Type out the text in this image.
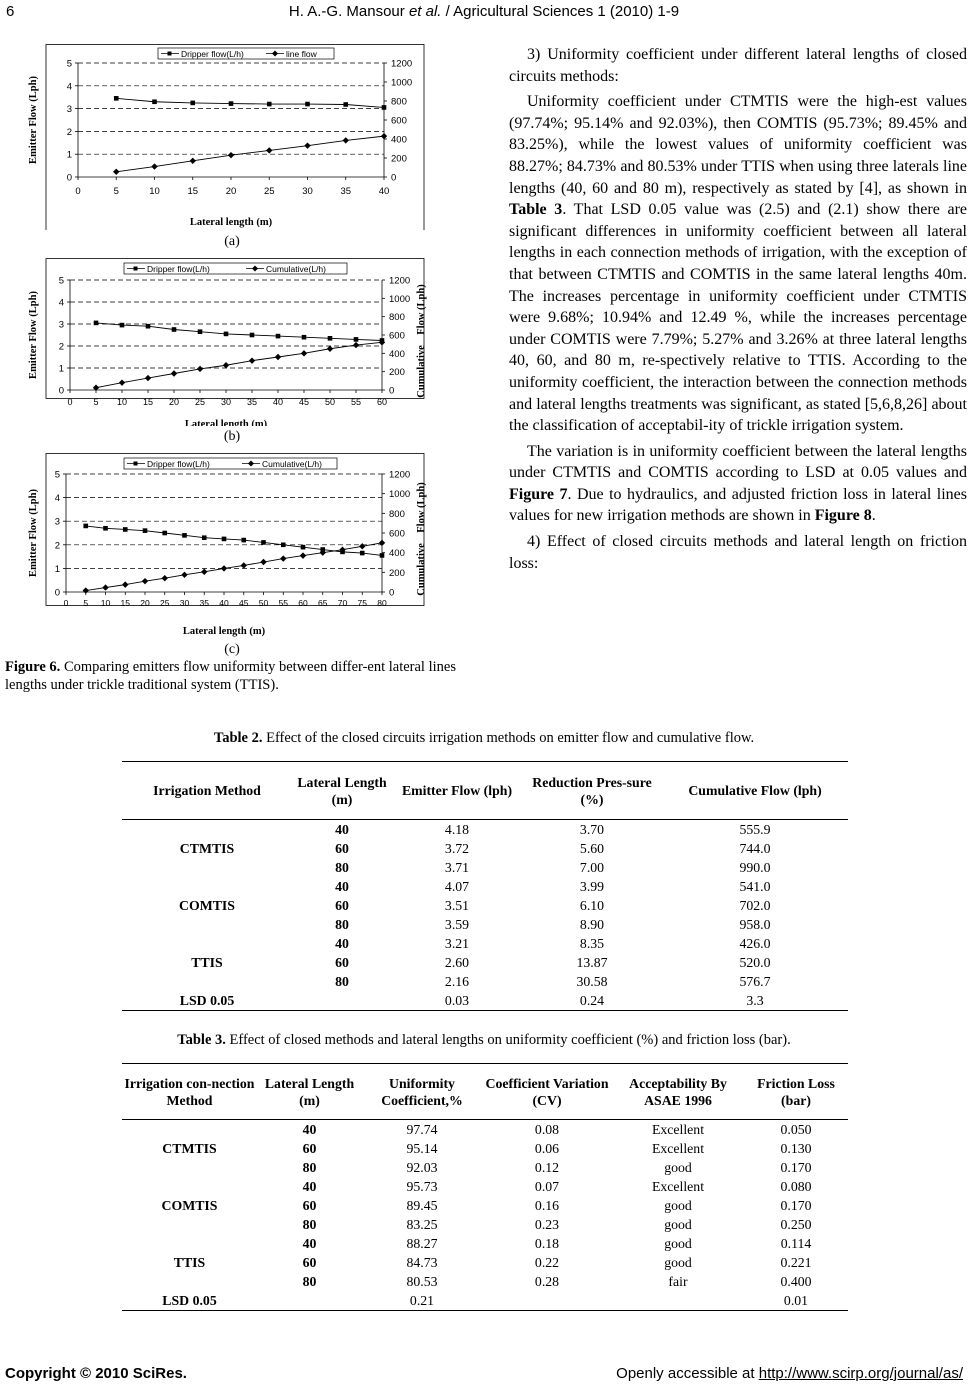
6	H. A.-G. Mansour et al. / Agricultural Sciences 1 (2010) 1-9
0
1
2
3
4
5
0
200
400
600
800
1000
1200
0	5	10	15	20	25	30	35	40
Lateral length (m)
Emitter Flow (Lph)
Dripper flow(L/h)	line flow
(a)
0
1
2
3
4
5
0
200
400
600
800
1000
1200
0 5 10 15 20 25 30 35 40 45 50 55 60
Lateral length (m)
Emitter Flow (Lph)	Cumulative    Flow (Lph)
Dripper flow(L/h)	Cumulative(L/h)
(b)
0
1
2
3
4
5
0
200
400
600
800
1000
1200
0 5 10 15 20 25 30 35 40 45 50 55 60 65 70 75 80
Lateral length (m)
Emitter Flow (Lph)	Cumulative    Flow (Lph)
Dripper flow(L/h)	Cumulative(L/h)
(c)
Figure 6. Comparing emitters flow uniformity between differ-ent lateral lines lengths under trickle traditional system (TTIS).

3) Uniformity coefficient under different lateral lengths of closed circuits methods:

Uniformity coefficient under CTMTIS were the high-est values (97.74%; 95.14% and 92.03%), then COMTIS (95.73%; 89.45% and 83.25%), while the lowest values of uniformity coefficient was 88.27%; 84.73% and 80.53% under TTIS when using three laterals line lengths (40, 60 and 80 m), respectively as stated by [4], as shown in Table 3. That LSD 0.05 value was (2.5) and (2.1) show there are significant differences in uniformity coefficient between all lateral lengths in each connection methods of irrigation, with the exception of that between CTMTIS and COMTIS in the same lateral lengths 40m. The increases percentage in uniformity coefficient under CTMTIS were 9.68%; 10.94% and 12.49 %, while the increases percentage under COMTIS were 7.79%; 5.27% and 3.26% at three lateral lengths 40, 60, and 80 m, re-spectively relative to TTIS. According to the uniformity coefficient, the interaction between the connection methods and lateral lengths treatments was significant, as stated [5,6,8,26] about the classification of acceptabil-ity of trickle irrigation system.

The variation is in uniformity coefficient between the lateral lengths under CTMTIS and COMTIS according to LSD at 0.05 values and Figure 7. Due to hydraulics, and adjusted friction loss in lateral lines values for new irrigation methods are shown in Figure 8.

4) Effect of closed circuits methods and lateral length on friction loss:

Table 2. Effect of the closed circuits irrigation methods on emitter flow and cumulative flow.
Irrigation Method	Lateral Length (m)	Emitter Flow (lph)	Reduction Pres-sure (%)	Cumulative Flow (lph)
CTMTIS	40	4.18	3.70	555.9
	60	3.72	5.60	744.0
	80	3.71	7.00	990.0
COMTIS	40	4.07	3.99	541.0
	60	3.51	6.10	702.0
	80	3.59	8.90	958.0
TTIS	40	3.21	8.35	426.0
	60	2.60	13.87	520.0
	80	2.16	30.58	576.7
LSD 0.05		0.03	0.24	3.3
Table 3. Effect of closed methods and lateral lengths on uniformity coefficient (%) and friction loss (bar).
Irrigation con-nection Method	Lateral Length (m)	Uniformity Coefficient,%	Coefficient Variation (CV)	Acceptability By ASAE 1996	Friction Loss (bar)
CTMTIS	40	97.74	0.08	Excellent	0.050
	60	95.14	0.06	Excellent	0.130
	80	92.03	0.12	good	0.170
COMTIS	40	95.73	0.07	Excellent	0.080
	60	89.45	0.16	good	0.170
	80	83.25	0.23	good	0.250
TTIS	40	88.27	0.18	good	0.114
	60	84.73	0.22	good	0.221
	80	80.53	0.28	fair	0.400
LSD 0.05		0.21			0.01
Copyright © 2010 SciRes.	Openly accessible at http://www.scirp.org/journal/as/
